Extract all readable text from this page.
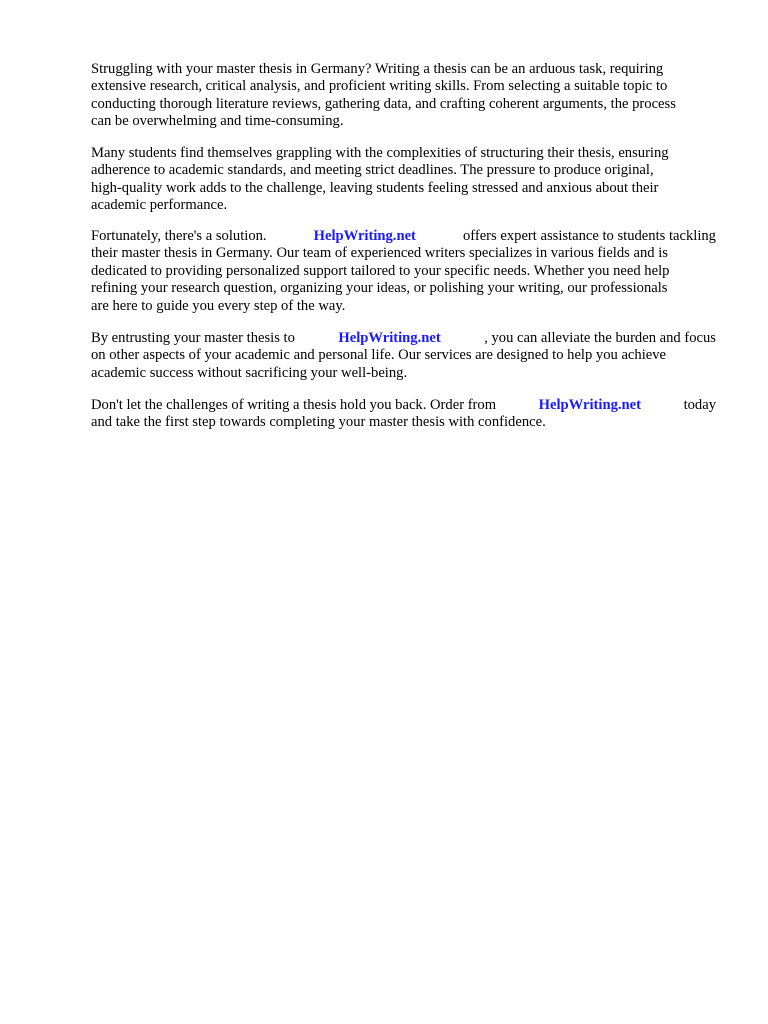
Struggling with your master thesis in Germany? Writing a thesis can be an arduous task, requiring
extensive research, critical analysis, and proficient writing skills. From selecting a suitable topic to
conducting thorough literature reviews, gathering data, and crafting coherent arguments, the process
can be overwhelming and time-consuming.

Many students find themselves grappling with the complexities of structuring their thesis, ensuring
adherence to academic standards, and meeting strict deadlines. The pressure to produce original,
high-quality work adds to the challenge, leaving students feeling stressed and anxious about their
academic performance.

Fortunately, there's a solution.	HelpWriting.net	offers expert assistance to students tackling
their master thesis in Germany. Our team of experienced writers specializes in various fields and is
dedicated to providing personalized support tailored to your specific needs. Whether you need help
refining your research question, organizing your ideas, or polishing your writing, our professionals
are here to guide you every step of the way.

By entrusting your master thesis to	HelpWriting.net	, you can alleviate the burden and focus
on other aspects of your academic and personal life. Our services are designed to help you achieve
academic success without sacrificing your well-being.

Don't let the challenges of writing a thesis hold you back. Order from	HelpWriting.net	today
and take the first step towards completing your master thesis with confidence.
